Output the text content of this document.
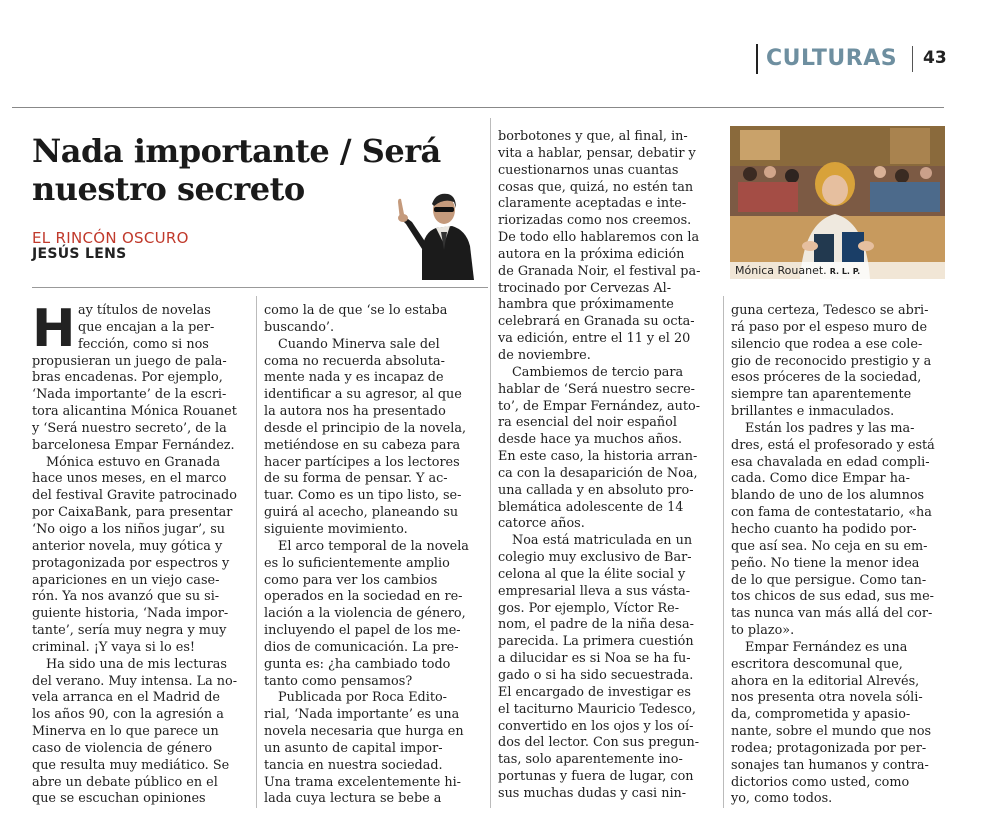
CULTURAS 43
Nada importante / Será
nuestro secreto
EL RINCÓN OSCURO
JESÚS LENS
Mónica Rouanet. R. L. P.
H ay títulos de novelas
que encajan a la per-
fección, como si nos
propusieran un juego de pala-
bras encadenas. Por ejemplo,
‘Nada importante’ de la escri-
tora alicantina Mónica Rouanet
y ‘Será nuestro secreto’, de la
barcelonesa Empar Fernández.
Mónica estuvo en Granada
hace unos meses, en el marco
del festival Gravite patrocinado
por CaixaBank, para presentar
‘No oigo a los niños jugar’, su
anterior novela, muy gótica y
protagonizada por espectros y
apariciones en un viejo case-
rón. Ya nos avanzó que su si-
guiente historia, ‘Nada impor-
tante’, sería muy negra y muy
criminal. ¡Y vaya si lo es!
Ha sido una de mis lecturas
del verano. Muy intensa. La no-
vela arranca en el Madrid de
los años 90, con la agresión a
Minerva en lo que parece un
caso de violencia de género
que resulta muy mediático. Se
abre un debate público en el
que se escuchan opiniones
como la de que ‘se lo estaba
buscando’.
Cuando Minerva sale del
coma no recuerda absoluta-
mente nada y es incapaz de
identificar a su agresor, al que
la autora nos ha presentado
desde el principio de la novela,
metiéndose en su cabeza para
hacer partícipes a los lectores
de su forma de pensar. Y ac-
tuar. Como es un tipo listo, se-
guirá al acecho, planeando su
siguiente movimiento.
El arco temporal de la novela
es lo suficientemente amplio
como para ver los cambios
operados en la sociedad en re-
lación a la violencia de género,
incluyendo el papel de los me-
dios de comunicación. La pre-
gunta es: ¿ha cambiado todo
tanto como pensamos?
Publicada por Roca Edito-
rial, ‘Nada importante’ es una
novela necesaria que hurga en
un asunto de capital impor-
tancia en nuestra sociedad.
Una trama excelentemente hi-
lada cuya lectura se bebe a
borbotones y que, al final, in-
vita a hablar, pensar, debatir y
cuestionarnos unas cuantas
cosas que, quizá, no estén tan
claramente aceptadas e inte-
riorizadas como nos creemos.
De todo ello hablaremos con la
autora en la próxima edición
de Granada Noir, el festival pa-
trocinado por Cervezas Al-
hambra que próximamente
celebrará en Granada su octa-
va edición, entre el 11 y el 20
de noviembre.
Cambiemos de tercio para
hablar de ‘Será nuestro secre-
to’, de Empar Fernández, auto-
ra esencial del noir español
desde hace ya muchos años.
En este caso, la historia arran-
ca con la desaparición de Noa,
una callada y en absoluto pro-
blemática adolescente de 14
catorce años.
Noa está matriculada en un
colegio muy exclusivo de Bar-
celona al que la élite social y
empresarial lleva a sus vásta-
gos. Por ejemplo, Víctor Re-
nom, el padre de la niña desa-
parecida. La primera cuestión
a dilucidar es si Noa se ha fu-
gado o si ha sido secuestrada.
El encargado de investigar es
el taciturno Mauricio Tedesco,
convertido en los ojos y los oí-
dos del lector. Con sus pregun-
tas, solo aparentemente ino-
portunas y fuera de lugar, con
sus muchas dudas y casi nin-
guna certeza, Tedesco se abri-
rá paso por el espeso muro de
silencio que rodea a ese cole-
gio de reconocido prestigio y a
esos próceres de la sociedad,
siempre tan aparentemente
brillantes e inmaculados.
Están los padres y las ma-
dres, está el profesorado y está
esa chavalada en edad compli-
cada. Como dice Empar ha-
blando de uno de los alumnos
con fama de contestatario, «ha
hecho cuanto ha podido por-
que así sea. No ceja en su em-
peño. No tiene la menor idea
de lo que persigue. Como tan-
tos chicos de sus edad, sus me-
tas nunca van más allá del cor-
to plazo».
Empar Fernández es una
escritora descomunal que,
ahora en la editorial Alrevés,
nos presenta otra novela sóli-
da, comprometida y apasio-
nante, sobre el mundo que nos
rodea; protagonizada por per-
sonajes tan humanos y contra-
dictorios como usted, como
yo, como todos.
